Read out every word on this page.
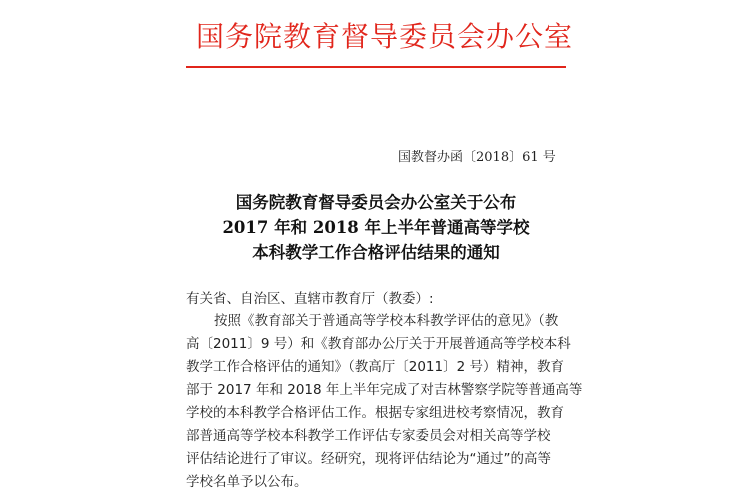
国务院教育督导委员会办公室
国教督办函〔2018〕61 号
国务院教育督导委员会办公室关于公布
2017 年和 2018 年上半年普通高等学校
本科教学工作合格评估结果的通知
有关省、自治区、直辖市教育厅（教委）:
按照《教育部关于普通高等学校本科教学评估的意见》（教
高〔2011〕9 号）和《教育部办公厅关于开展普通高等学校本科
教学工作合格评估的通知》（教高厅〔2011〕2 号）精神，教育
部于 2017 年和 2018 年上半年完成了对吉林警察学院等普通高等
学校的本科教学合格评估工作。根据专家组进校考察情况，教育
部普通高等学校本科教学工作评估专家委员会对相关高等学校
评估结论进行了审议。经研究，现将评估结论为“通过”的高等
学校名单予以公布。
